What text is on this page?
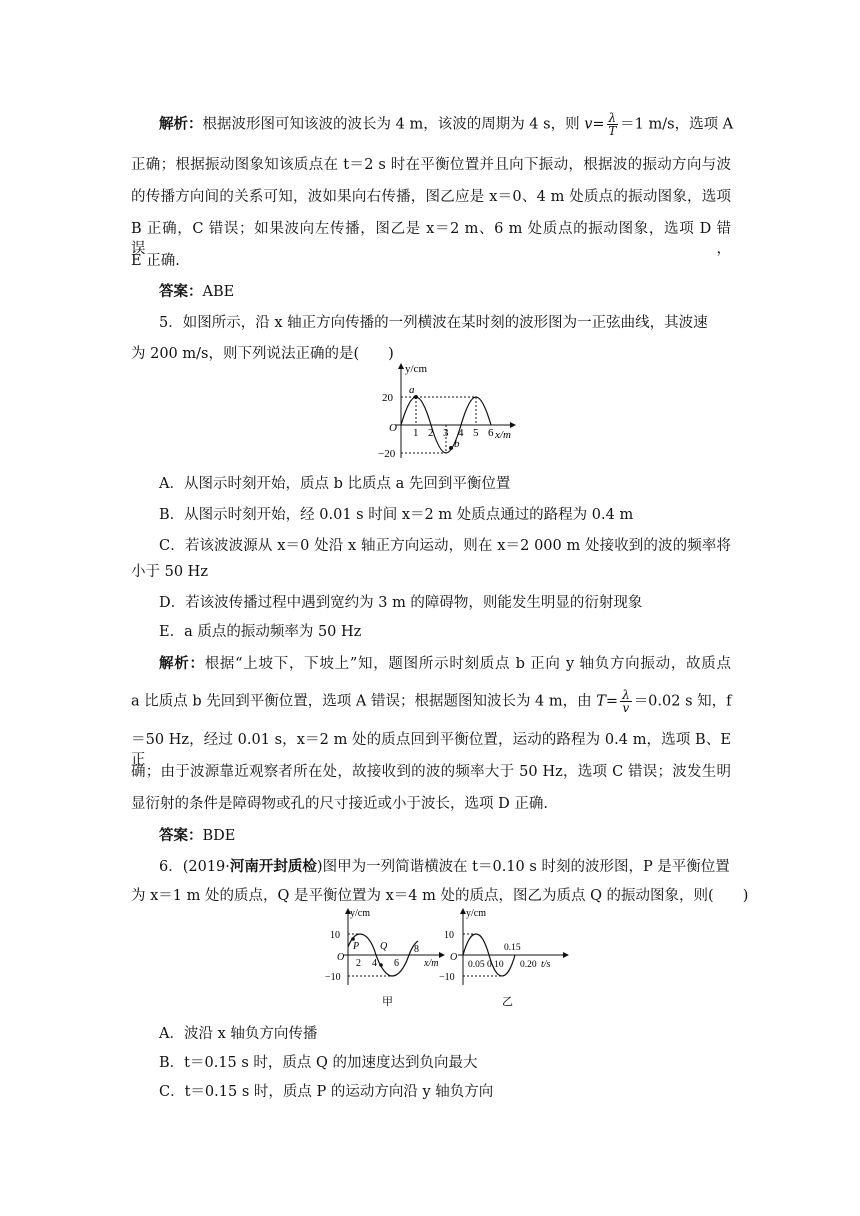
解析：根据波形图可知该波的波长为 4 m，该波的周期为 4 s，则 $v= \frac{\lambda}{T} =1$ m/s，选项 A
正确；根据振动图象知该质点在 t＝2 s 时在平衡位置并且向下振动，根据波的振动方向与波
的传播方向间的关系可知，波如果向右传播，图乙应是 x＝0、4 m 处质点的振动图象，选项
B 正确，C 错误；如果波向左传播，图乙是 x＝2 m、6 m 处质点的振动图象，选项 D 错误，
E 正确.
答案：ABE
5．如图所示，沿 x 轴正方向传播的一列横波在某时刻的波形图为一正弦曲线，其波速
为 200 m/s，则下列说法正确的是(　　)
y/cm
x/m
O
20
−20
1 2 3 4 5 6
a
b
A．从图示时刻开始，质点 b 比质点 a 先回到平衡位置
B．从图示时刻开始，经 0.01 s 时间 x＝2 m 处质点通过的路程为 0.4 m
C．若该波波源从 x＝0 处沿 x 轴正方向运动，则在 x＝2 000 m 处接收到的波的频率将
小于 50 Hz
D．若该波传播过程中遇到宽约为 3 m 的障碍物，则能发生明显的衍射现象
E．a 质点的振动频率为 50 Hz
解析：根据“上坡下，下坡上”知，题图所示时刻质点 b 正向 y 轴负方向振动，故质点
a 比质点 b 先回到平衡位置，选项 A 错误；根据题图知波长为 4 m，由 $T= \frac{\lambda}{v} =0.02$ s 知，f
＝50 Hz，经过 0.01 s，x＝2 m 处的质点回到平衡位置，运动的路程为 0.4 m，选项 B、E 正
确；由于波源靠近观察者所在处，故接收到的波的频率大于 50 Hz，选项 C 错误；波发生明
显衍射的条件是障碍物或孔的尺寸接近或小于波长，选项 D 正确.
答案：BDE
6．(2019·河南开封质检)图甲为一列简谐横波在 t＝0.10 s 时刻的波形图，P 是平衡位置
为 x＝1 m 处的质点，Q 是平衡位置为 x＝4 m 处的质点，图乙为质点 Q 的振动图象，则(　　)
y/cm
x/m
O
10
−10
2 4 6
8
P Q
甲
y/cm
O
10
−10
0.05 0.10
0.15
0.20 t/s
乙
A．波沿 x 轴负方向传播
B．t＝0.15 s 时，质点 Q 的加速度达到负向最大
C．t＝0.15 s 时，质点 P 的运动方向沿 y 轴负方向
